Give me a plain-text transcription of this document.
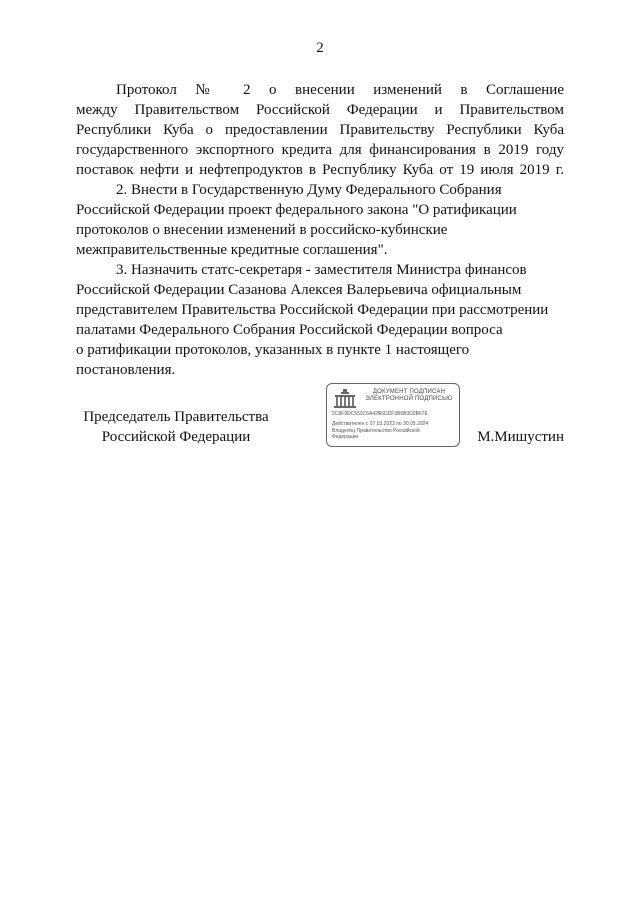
2

Протокол № 2 о внесении изменений в Соглашение
между Правительством Российской Федерации и Правительством
Республики Куба о предоставлении Правительству Республики Куба
государственного экспортного кредита для финансирования в 2019 году
поставок нефти и нефтепродуктов в Республику Куба от 19 июля 2019 г.

2. Внести в Государственную Думу Федерального Собрания
Российской Федерации проект федерального закона "О ратификации
протоколов о внесении изменений в российско-кубинские
межправительственные кредитные соглашения".

3. Назначить статс-секретаря - заместителя Министра финансов
Российской Федерации Сазанова Алексея Валерьевича официальным
представителем Правительства Российской Федерации при рассмотрении
палатами Федерального Собрания Российской Федерации вопроса
о ратификации протоколов, указанных в пункте 1 настоящего
постановления.

Председатель Правительства
Российской Федерации
ДОКУМЕНТ ПОДПИСАН
ЭЛЕКТРОННОЙ ПОДПИСЬЮ
2C8F9DC553C6A42B6DDF3B6B3D2B67E
Действителен с 07.03.2023 по 30.05.2024
Владелец Правительство Российской
Федерации	М.Мишустин
